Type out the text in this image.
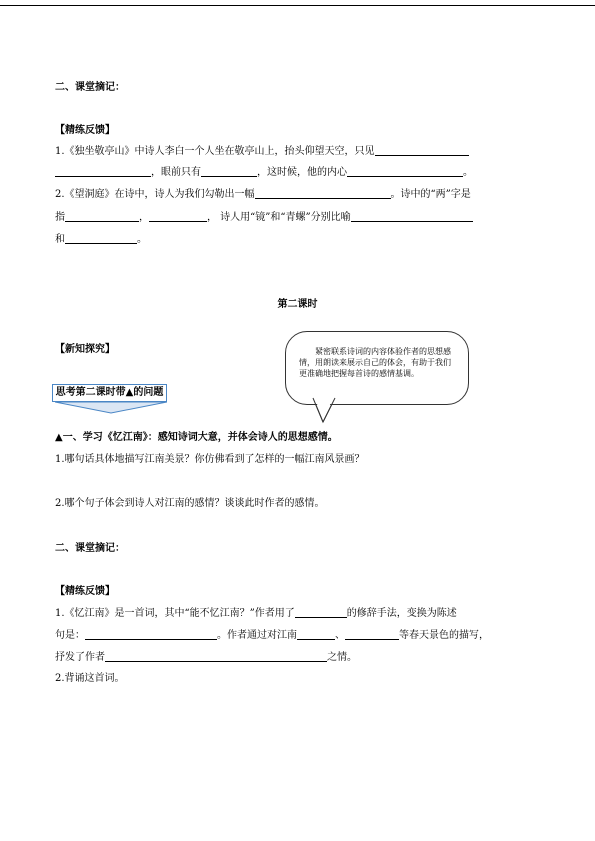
二、课堂摘记：
【精练反馈】
1.《独坐敬亭山》中诗人李白一个人坐在敬亭山上，抬头仰望天空，只见
，眼前只有	，这时候，他的内心	。
2.《望洞庭》在诗中，诗人为我们勾勒出一幅	。诗中的“两”字是
指	，	， 诗人用“镜”和“青螺”分别比喻
和	。
第二课时
【新知探究】	紧密联系诗词的内容体验作者的思想感情，用朗读来展示自己的体会，有助于我们更准确地把握每首诗的感情基调。
思考第二课时带▲的问题
▲一、学习《忆江南》：感知诗词大意，并体会诗人的思想感情。
1.哪句话具体地描写江南美景？你仿佛看到了怎样的一幅江南风景画？
2.哪个句子体会到诗人对江南的感情？谈谈此时作者的感情。
二、课堂摘记：
【精练反馈】
1.《忆江南》是一首词，其中“能不忆江南？”作者用了	的修辞手法，变换为陈述
句是：	。作者通过对江南	、	等春天景色的描写，
抒发了作者	之情。
2.背诵这首词。
